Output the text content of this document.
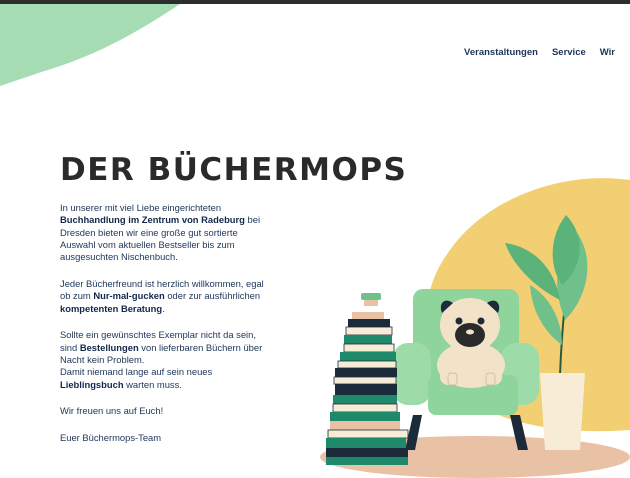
Veranstaltungen Service Wir
DER BÜCHERMOPS

In unserer mit viel Liebe eingerichteten Buchhandlung im Zentrum von Radeburg bei Dresden bieten wir eine große gut sortierte Auswahl vom aktuellen Bestseller bis zum ausgesuchten Nischenbuch.

Jeder Bücherfreund ist herzlich willkommen, egal ob zum Nur-mal-gucken oder zur ausführlichen kompetenten Beratung.

Sollte ein gewünschtes Exemplar nicht da sein, sind Bestellungen von lieferbaren Büchern über Nacht kein Problem.
Damit niemand lange auf sein neues Lieblingsbuch warten muss.

Wir freuen uns auf Euch!

Euer Büchermops-Team
